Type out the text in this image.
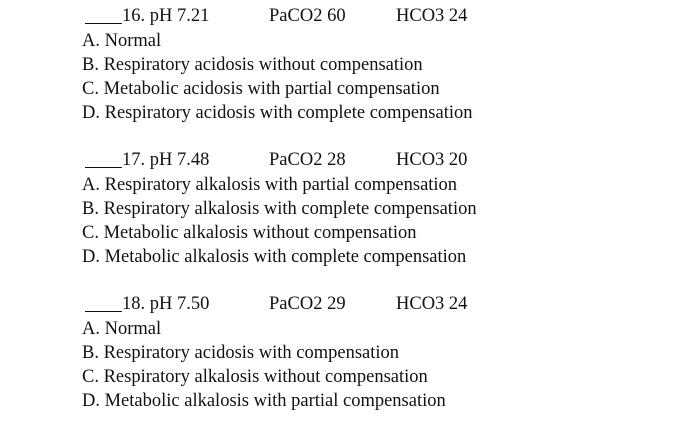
16. pH 7.21	PaCO2 60	HCO3 24
A. Normal
B. Respiratory acidosis without compensation
C. Metabolic acidosis with partial compensation
D. Respiratory acidosis with complete compensation
17. pH 7.48	PaCO2 28	HCO3 20
A. Respiratory alkalosis with partial compensation
B. Respiratory alkalosis with complete compensation
C. Metabolic alkalosis without compensation
D. Metabolic alkalosis with complete compensation
18. pH 7.50	PaCO2 29	HCO3 24
A. Normal
B. Respiratory acidosis with compensation
C. Respiratory alkalosis without compensation
D. Metabolic alkalosis with partial compensation
